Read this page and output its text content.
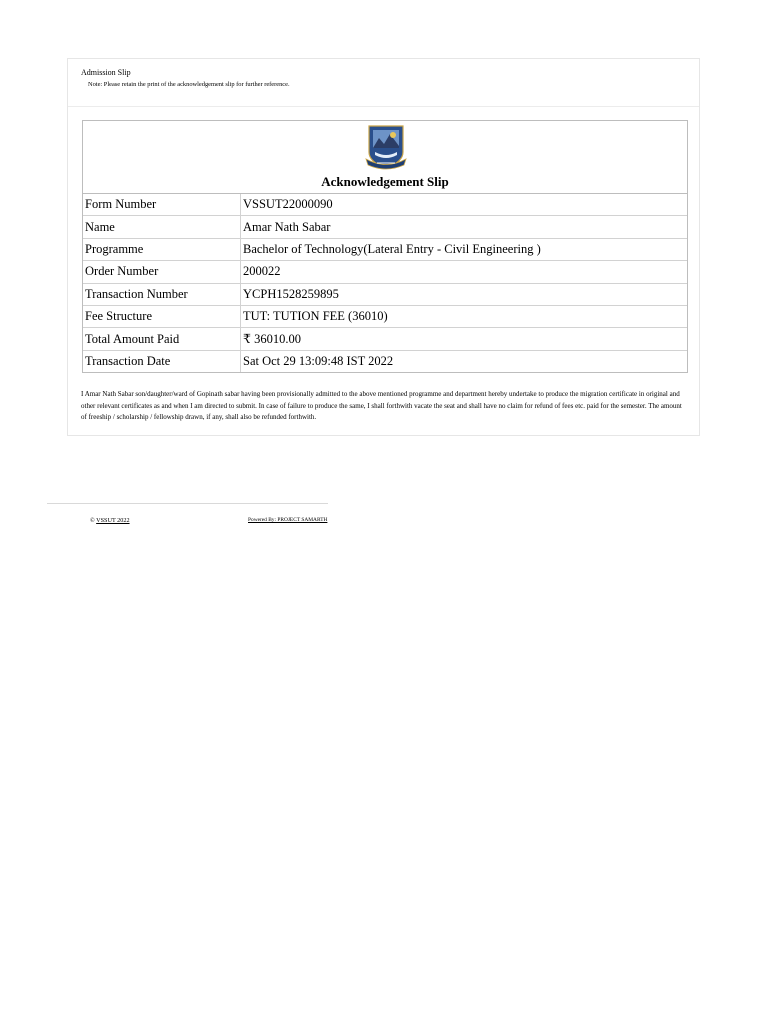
Admission Slip
Note: Please retain the print of the acknowledgement slip for further reference.
Acknowledgement Slip
Form Number	VSSUT22000090
Name	Amar Nath Sabar
Programme	Bachelor of Technology(Lateral Entry - Civil Engineering )
Order Number	200022
Transaction Number	YCPH1528259895
Fee Structure	TUT: TUTION FEE (36010)
Total Amount Paid	₹ 36010.00
Transaction Date	Sat Oct 29 13:09:48 IST 2022
I Amar Nath Sabar son/daughter/ward of Gopinath sabar having been provisionally admitted to the above mentioned programme and department hereby undertake to produce the migration certificate in original and other relevant certificates as and when I am directed to submit. In case of failure to produce the same, I shall forthwith vacate the seat and shall have no claim for refund of fees etc. paid for the semester. The amount of freeship / scholarship / fellowship drawn, if any, shall also be refunded forthwith.
© VSSUT 2022	Powered By: PROJECT SAMARTH
